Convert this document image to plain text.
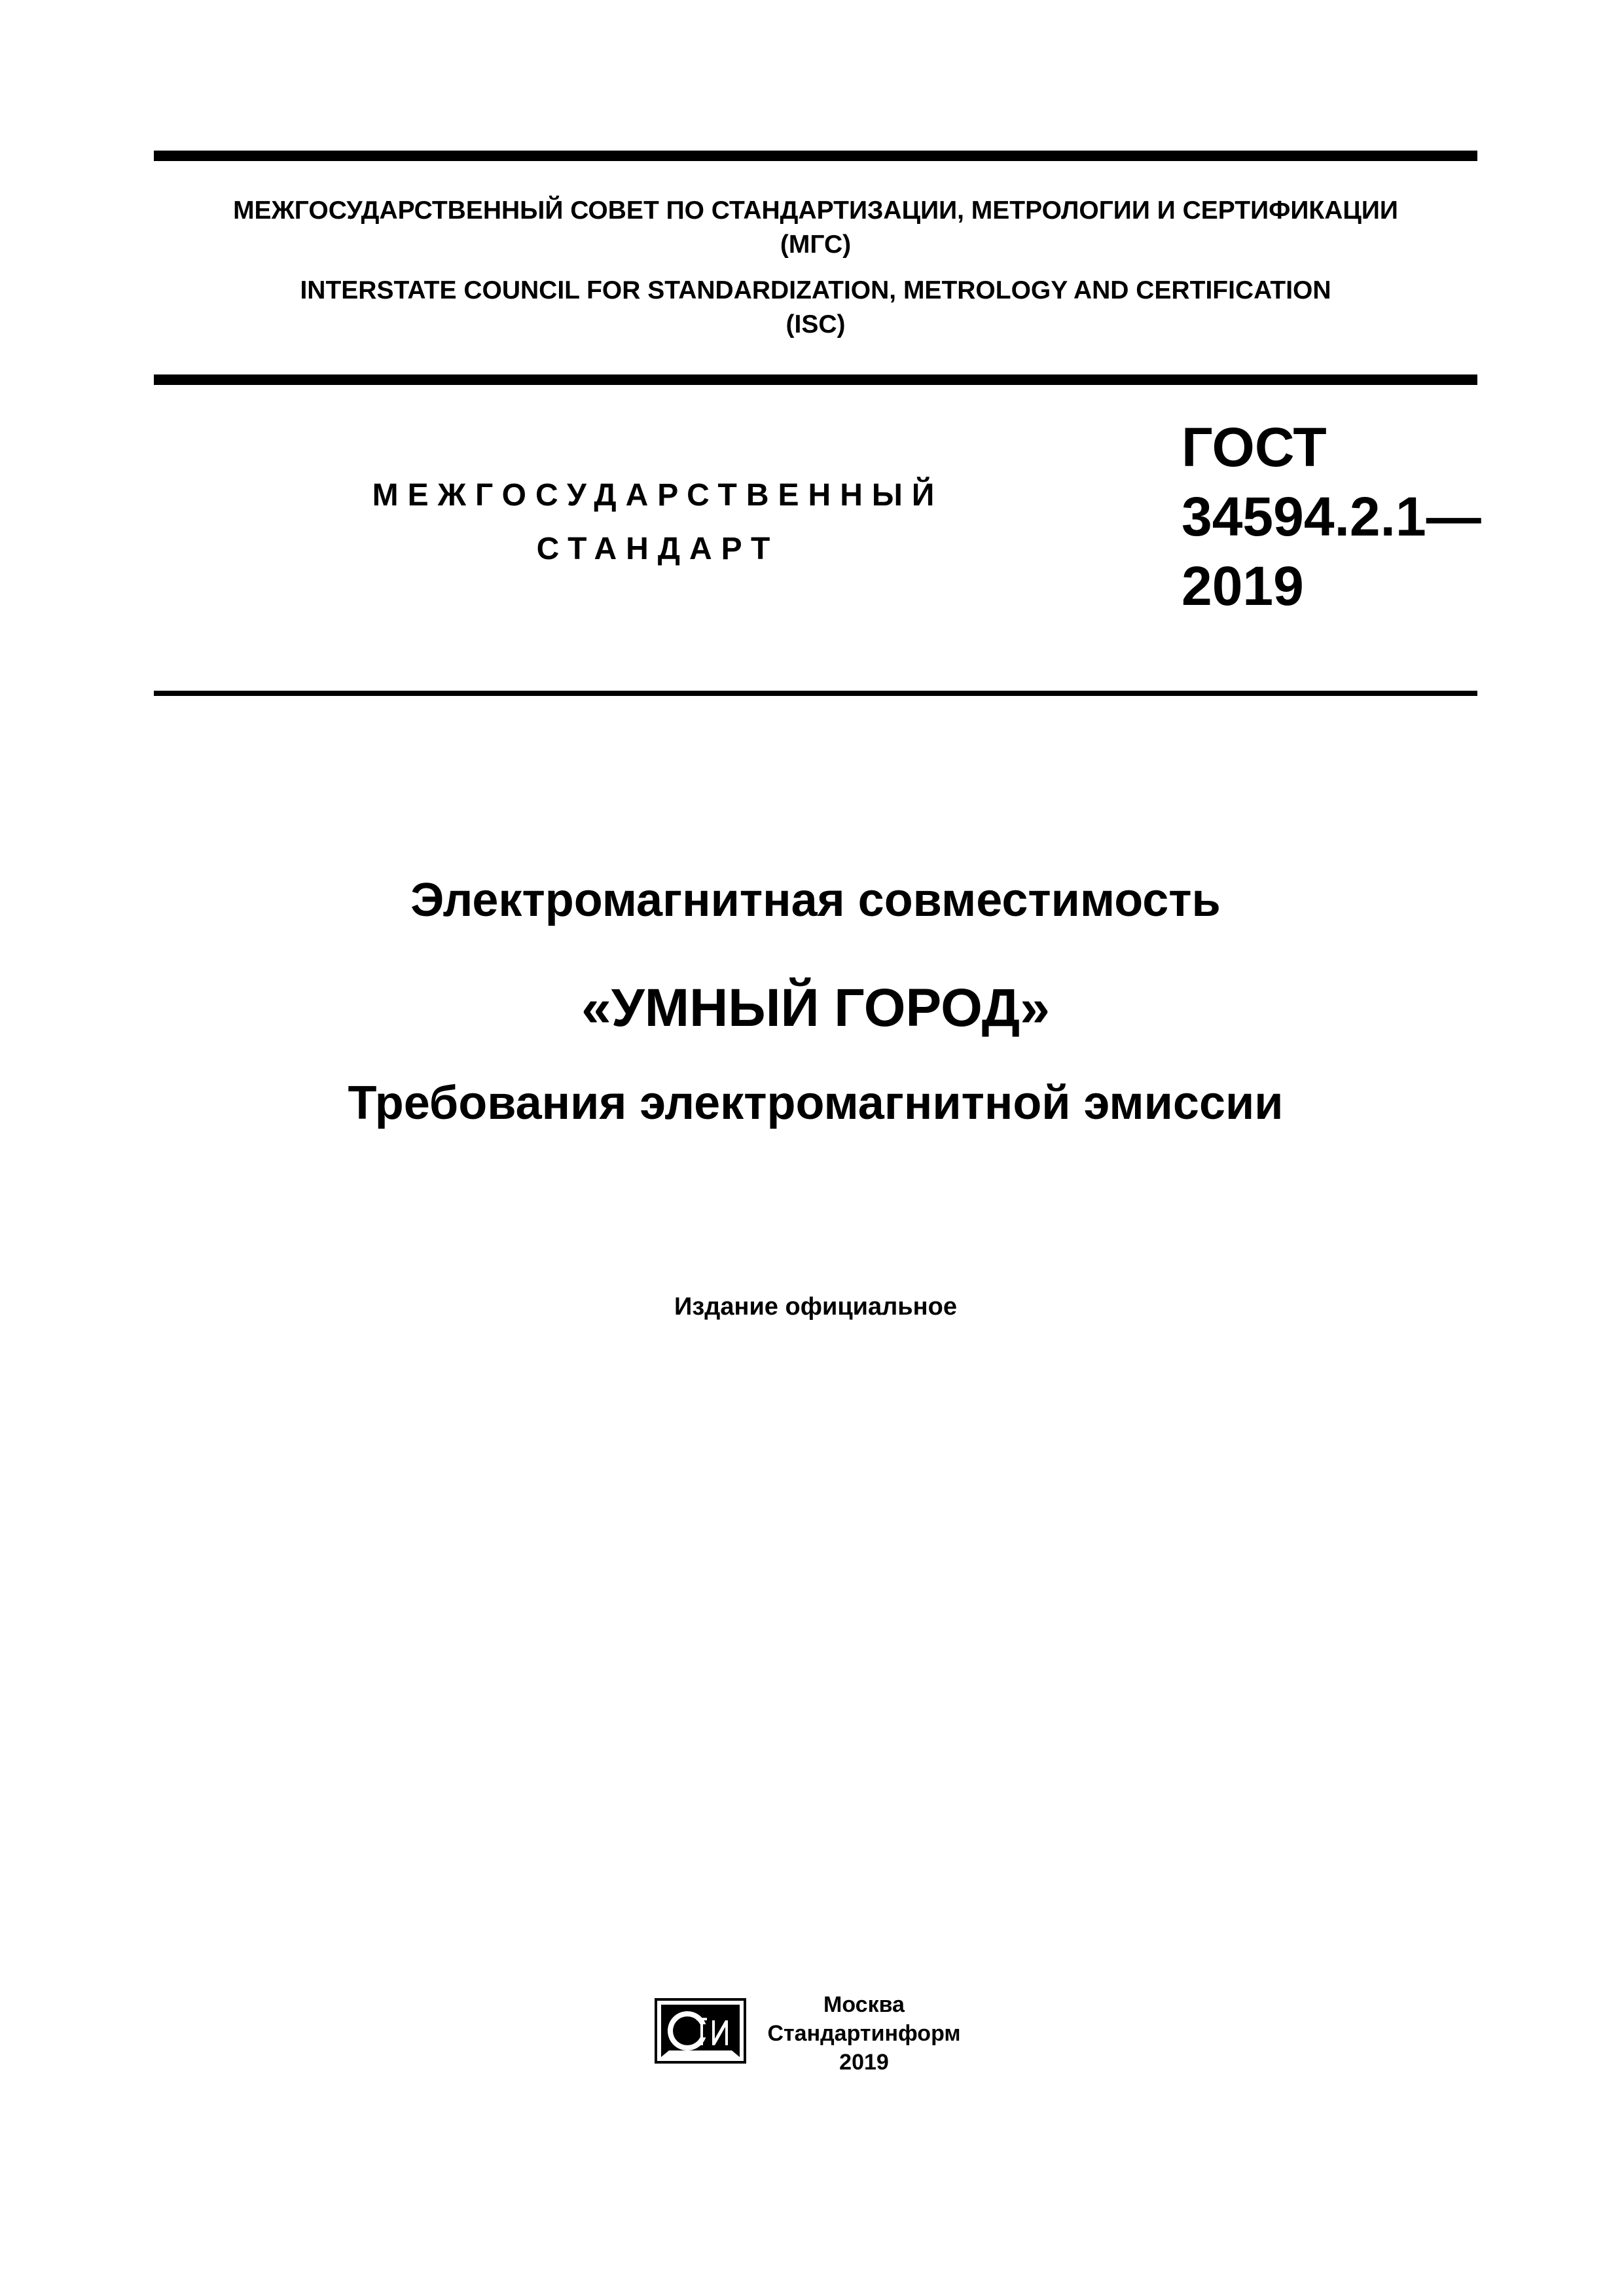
МЕЖГОСУДАРСТВЕННЫЙ СОВЕТ ПО СТАНДАРТИЗАЦИИ, МЕТРОЛОГИИ И СЕРТИФИКАЦИИ
(МГС)
INTERSTATE COUNCIL FOR STANDARDIZATION, METROLOGY AND CERTIFICATION
(ISC)
МЕЖГОСУДАРСТВЕННЫЙ
СТАНДАРТ
ГОСТ
34594.2.1—
2019
Электромагнитная совместимость
«УМНЫЙ ГОРОД»
Требования электромагнитной эмиссии
Издание официальное
Москва
Стандартинформ
2019
